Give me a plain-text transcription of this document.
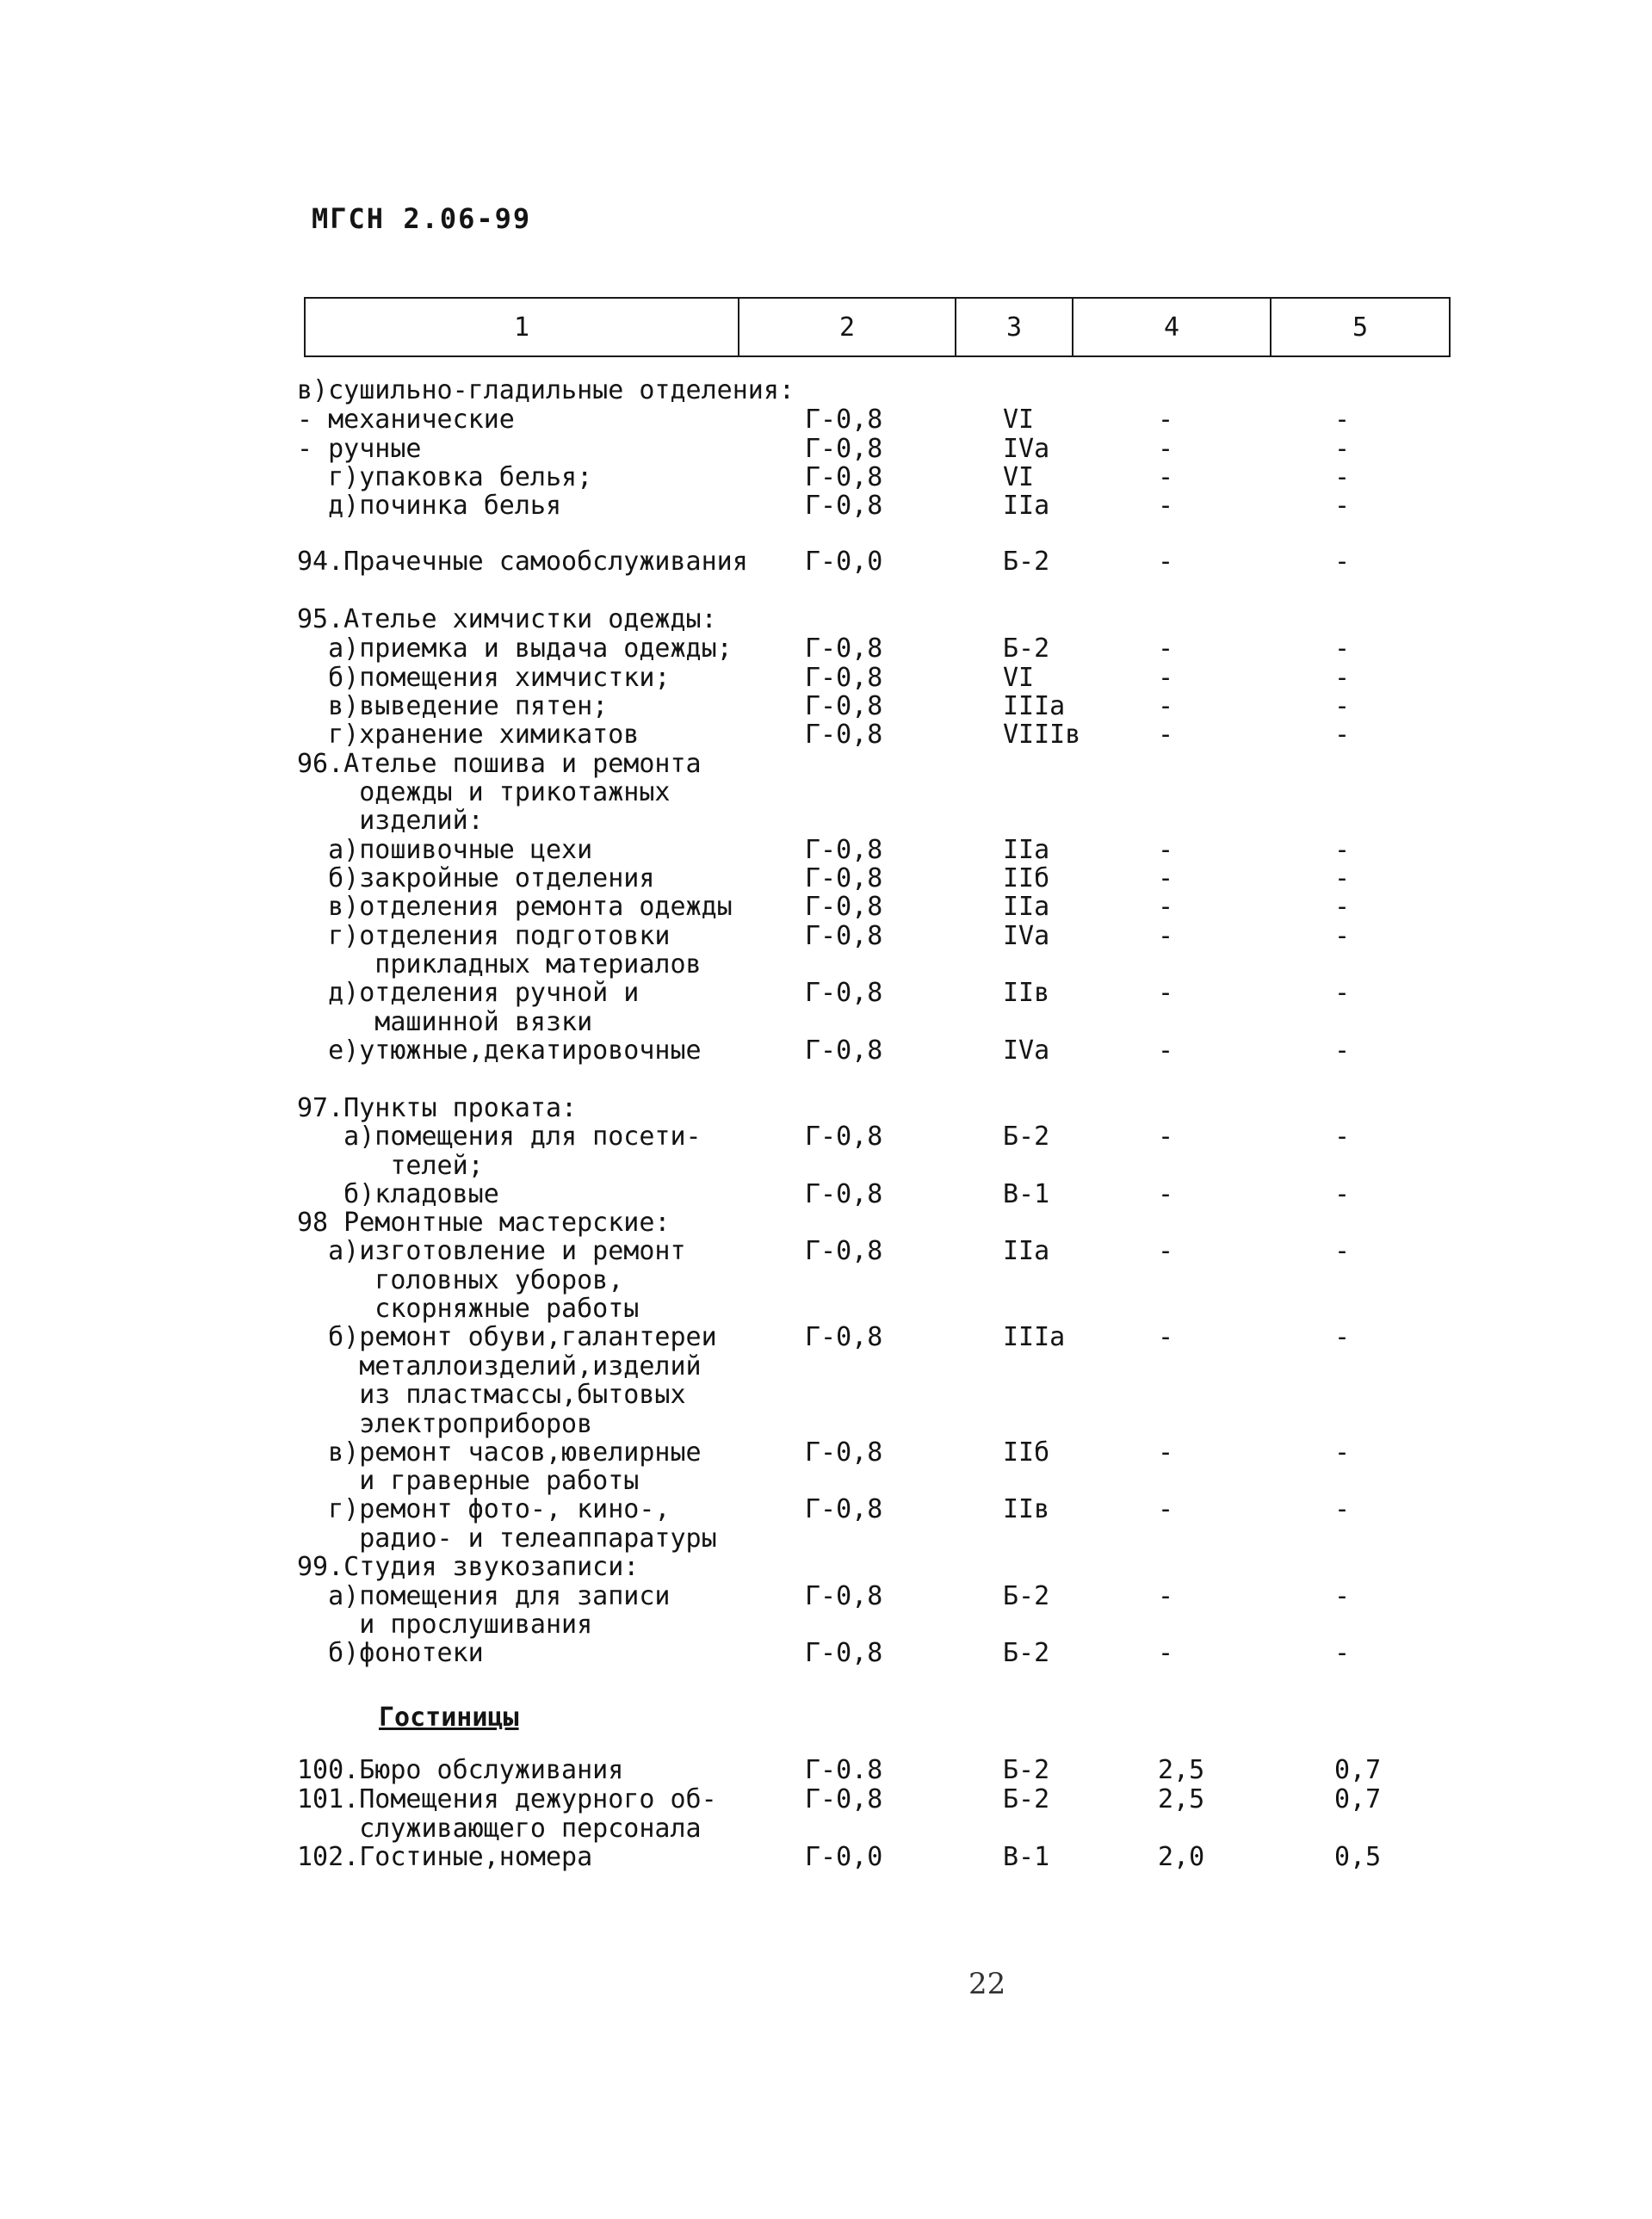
МГСН 2.06-99
1	2	3	4	5
в)сушильно-гладильные отделения:
- механические	Г-0,8	VI	-	-
- ручные	Г-0,8	IVa	-	-
г)упаковка белья;	Г-0,8	VI	-	-
д)починка белья	Г-0,8	IIа	-	-
94.Прачечные самообслуживания Г-0,0	Б-2	-	-
95.Ателье химчистки одежды:
а)приемка и выдача одежды;	Г-0,8	Б-2	-	-
б)помещения химчистки;	Г-0,8	VI	-	-
в)выведение пятен;	Г-0,8	IIIа	-	-
г)хранение химикатов	Г-0,8	VIIIв	-	-
96.Ателье пошива и ремонта
одежды и трикотажных
изделий:
а)пошивочные цехи	Г-0,8	IIа	-	-
б)закройные отделения	Г-0,8	IIб	-	-
в)отделения ремонта одежды	Г-0,8	IIа	-	-
г)отделения подготовки	Г-0,8	IVa	-	-
прикладных материалов
д)отделения ручной и	Г-0,8	IIв	-	-
машинной вязки
е)утюжные,декатировочные	Г-0,8	IVa	-	-
97.Пункты проката:
а)помещения для посети-	Г-0,8	Б-2	-	-
телей;
б)кладовые	Г-0,8	В-1	-	-
98 Ремонтные мастерские:
а)изготовление и ремонт	Г-0,8	IIа	-	-
головных уборов,
скорняжные работы
б)ремонт обуви,галантереи	Г-0,8	IIIа	-	-
металлоизделий,изделий
из пластмассы,бытовых
электроприборов
в)ремонт часов,ювелирные	Г-0,8	IIб	-	-
и граверные работы
г)ремонт фото-, кино-,	Г-0,8	IIв	-	-
радио- и телеаппаратуры
99.Студия звукозаписи:
а)помещения для записи	Г-0,8	Б-2	-	-
и прослушивания
б)фонотеки	Г-0,8	Б-2	-	-
100.Бюро обслуживания	Г-0.8	Б-2	2,5	0,7
101.Помещения дежурного об-	Г-0,8	Б-2	2,5	0,7
служивающего персонала
102.Гостиные,номера	Г-0,0	В-1	2,0	0,5
Гостиницы
22
